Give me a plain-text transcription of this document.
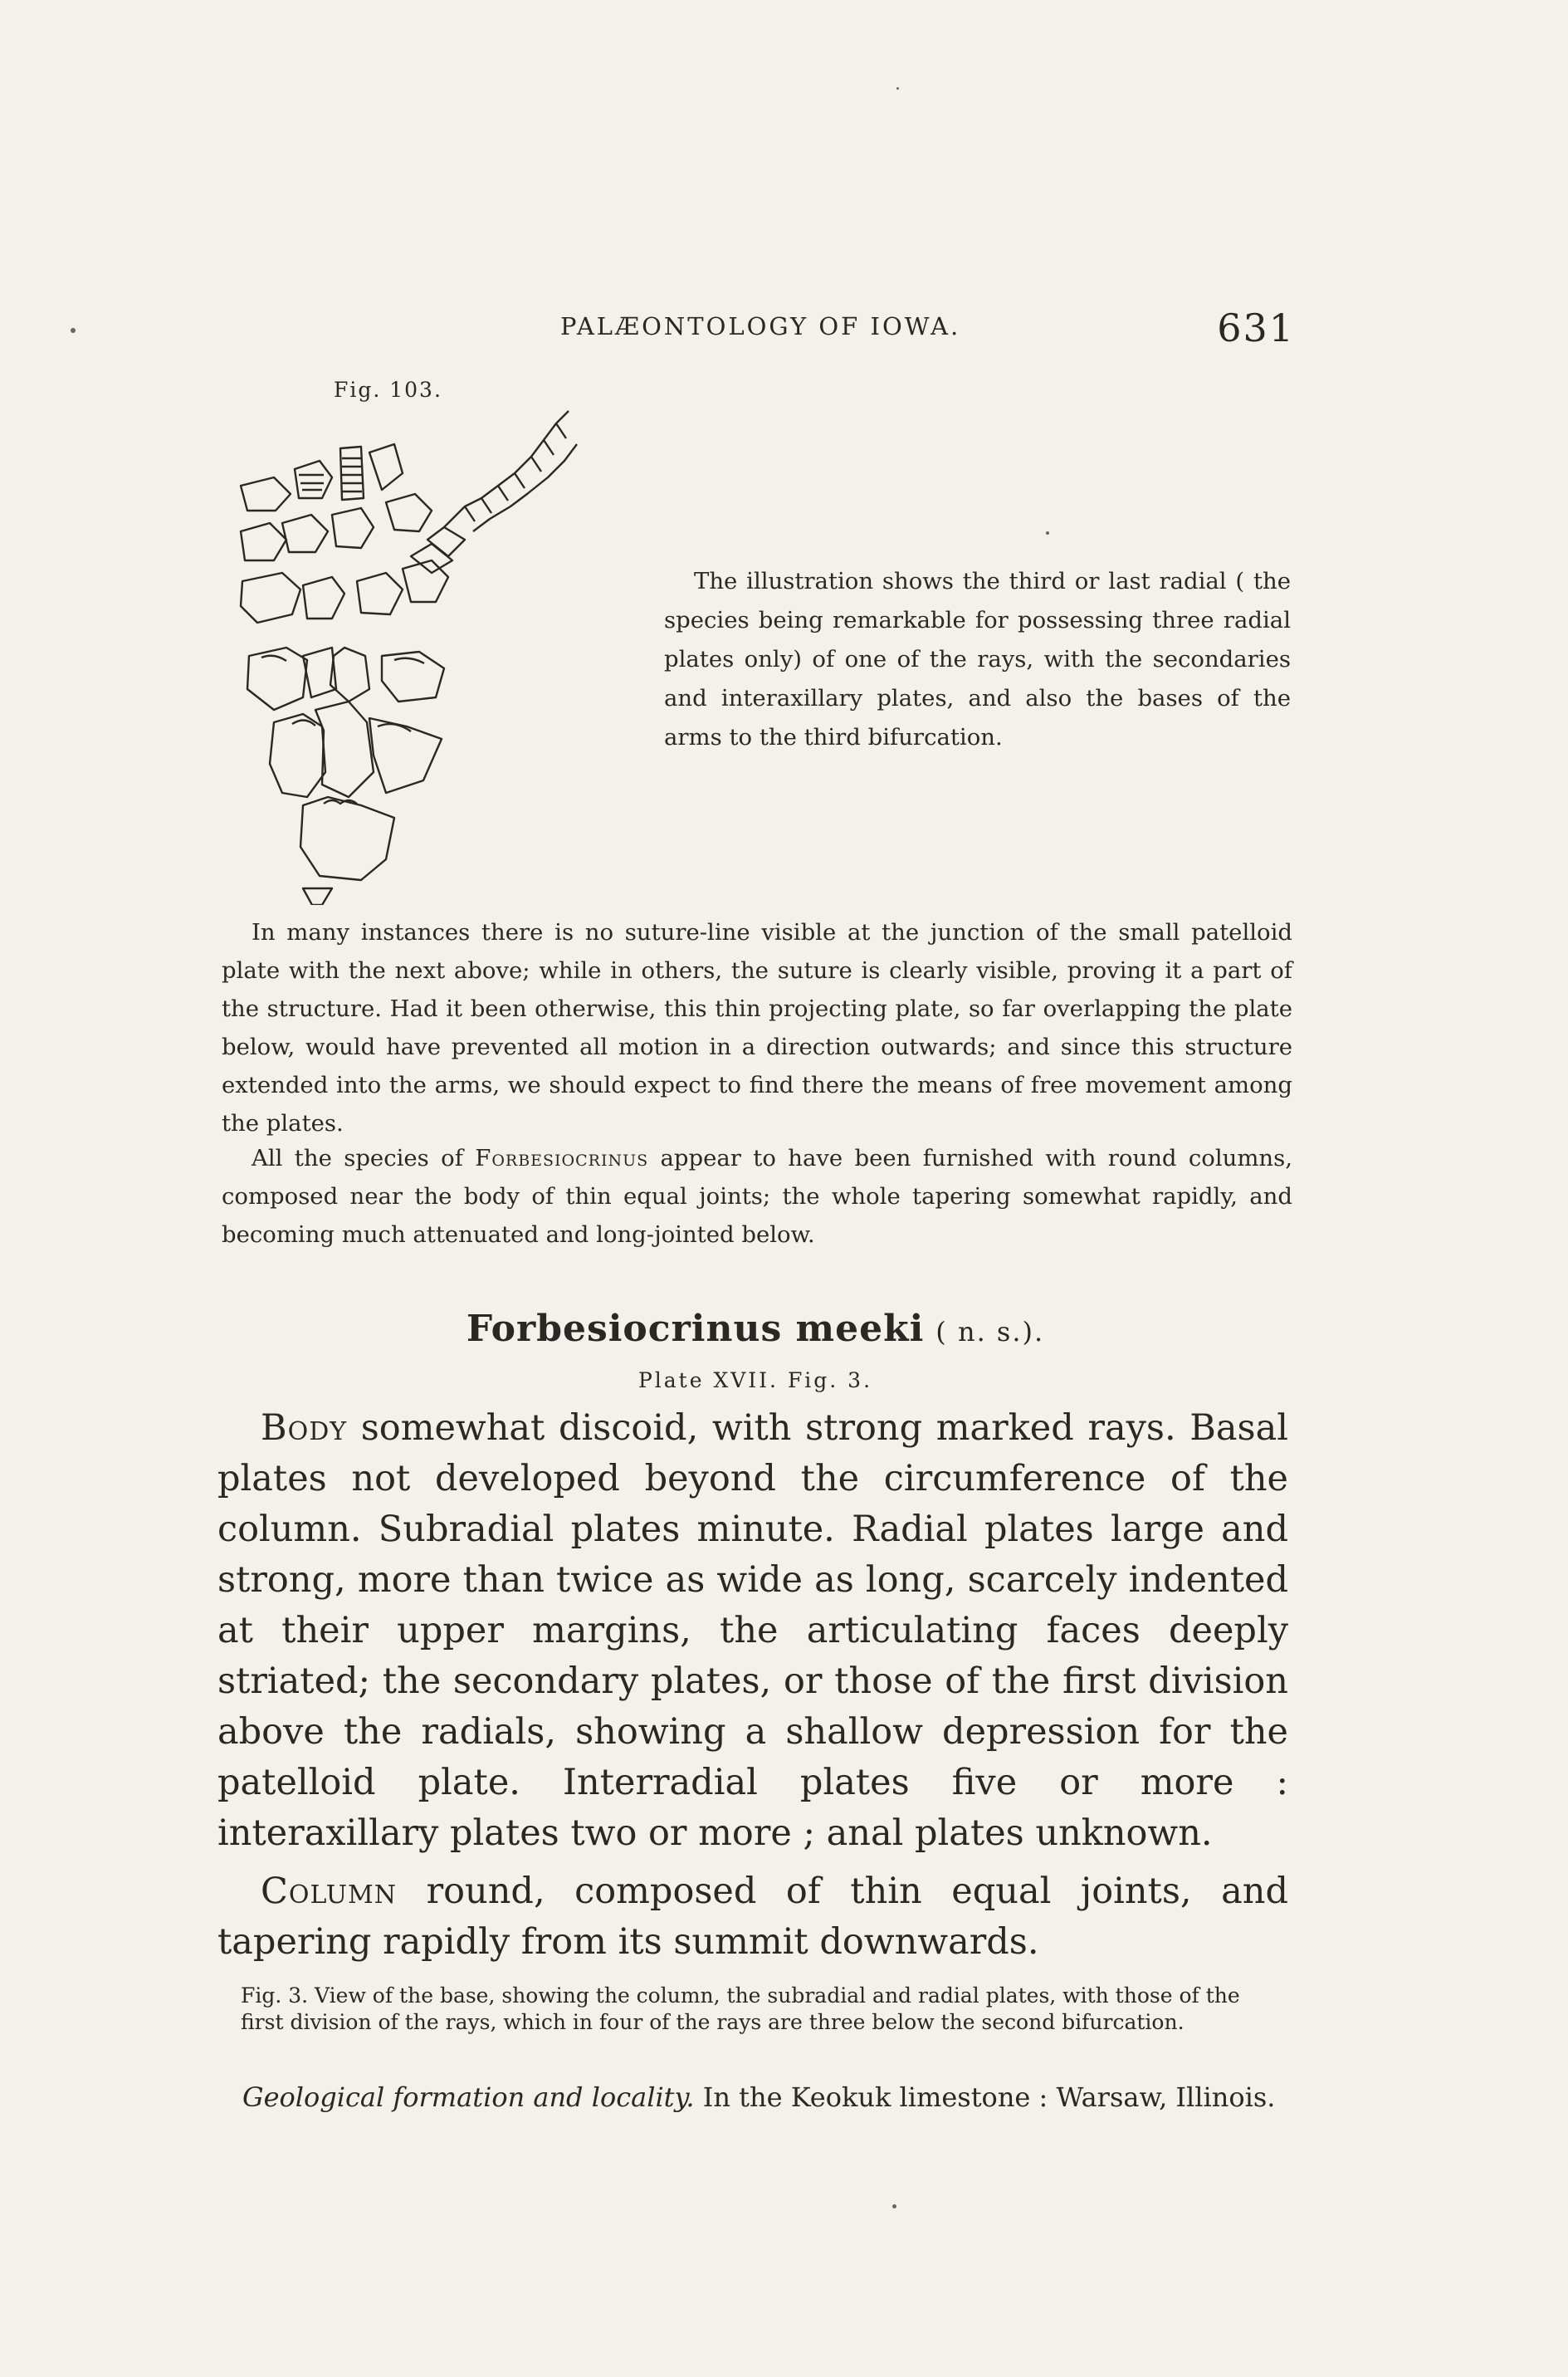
PALÆONTOLOGY OF IOWA.	631
Fig. 103.
The illustration shows the third or last radial ( the species being remarkable for possessing three radial plates only) of one of the rays, with the secondaries and interaxillary plates, and also the bases of the arms to the third bifurcation.
In many instances there is no suture-line visible at the junction of the small patelloid plate with the next above; while in others, the suture is clearly visible, proving it a part of the structure. Had it been otherwise, this thin projecting plate, so far overlapping the plate below, would have prevented all motion in a direction outwards; and since this structure extended into the arms, we should expect to find there the means of free movement among the plates.
All the species of Forbesiocrinus appear to have been furnished with round columns, composed near the body of thin equal joints; the whole tapering somewhat rapidly, and becoming much attenuated and long-jointed below.
Forbesiocrinus meeki ( n. s.).
Plate XVII. Fig. 3.
Body somewhat discoid, with strong marked rays. Basal plates not developed beyond the circumference of the column. Subradial plates minute. Radial plates large and strong, more than twice as wide as long, scarcely indented at their upper margins, the articulating faces deeply striated; the secondary plates, or those of the first division above the radials, showing a shallow depression for the patelloid plate. Interradial plates five or more : interaxillary plates two or more ; anal plates unknown.
Column round, composed of thin equal joints, and tapering rapidly from its summit downwards.
Fig. 3. View of the base, showing the column, the subradial and radial plates, with those of the first division of the rays, which in four of the rays are three below the second bifurcation.
Geological formation and locality. In the Keokuk limestone : Warsaw, Illinois.
